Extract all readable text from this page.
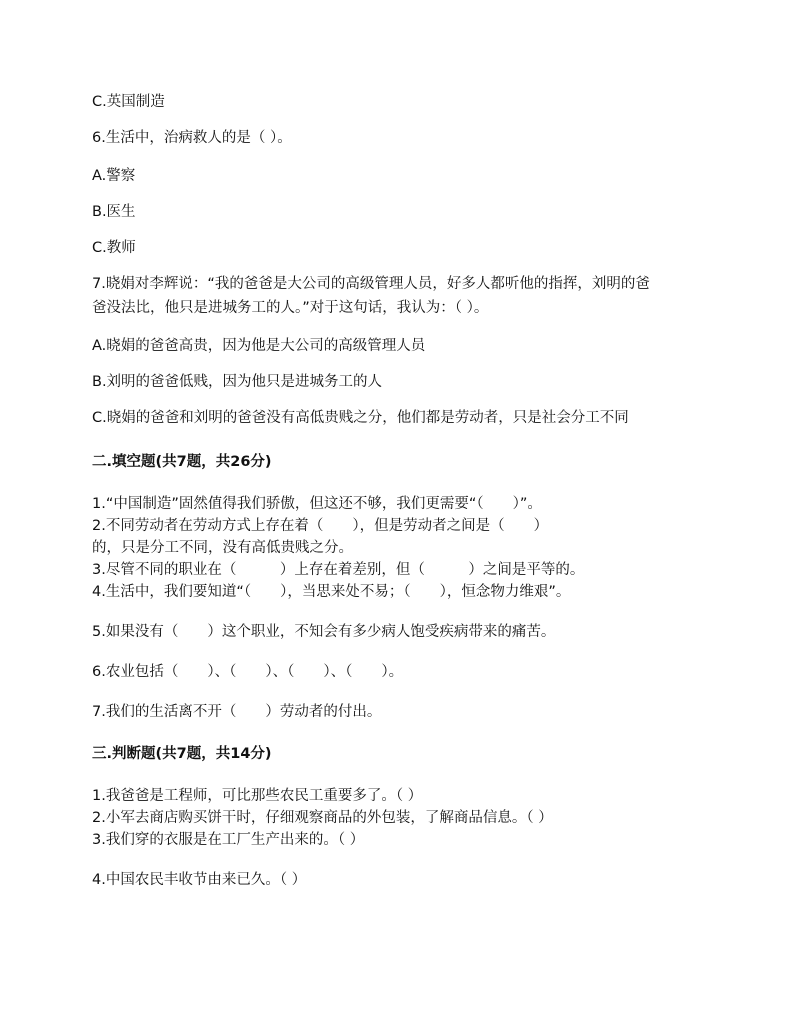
C.英国制造
6.生活中，治病救人的是（ ）。
A.警察
B.医生
C.教师
7.晓娟对李辉说：“我的爸爸是大公司的高级管理人员，好多人都听他的指挥，刘明的爸
爸没法比，他只是进城务工的人。”对于这句话，我认为：（ ）。
A.晓娟的爸爸高贵，因为他是大公司的高级管理人员
B.刘明的爸爸低贱，因为他只是进城务工的人
C.晓娟的爸爸和刘明的爸爸没有高低贵贱之分，他们都是劳动者，只是社会分工不同
二.填空题(共7题，共26分)
1.“中国制造”固然值得我们骄傲，但这还不够，我们更需要“（　　）”。
2.不同劳动者在劳动方式上存在着（　　），但是劳动者之间是（　　）
的，只是分工不同，没有高低贵贱之分。
3.尽管不同的职业在（　　　）上存在着差别，但（　　　）之间是平等的。
4.生活中，我们要知道“（　　），当思来处不易；（　　），恒念物力维艰”。
5.如果没有（　　）这个职业，不知会有多少病人饱受疾病带来的痛苦。
6.农业包括（　　）、（　　）、（　　）、（　　）。
7.我们的生活离不开（　　）劳动者的付出。
三.判断题(共7题，共14分)
1.我爸爸是工程师，可比那些农民工重要多了。（ ）
2.小军去商店购买饼干时，仔细观察商品的外包装，了解商品信息。（ ）
3.我们穿的衣服是在工厂生产出来的。（ ）
4.中国农民丰收节由来已久。（ ）
